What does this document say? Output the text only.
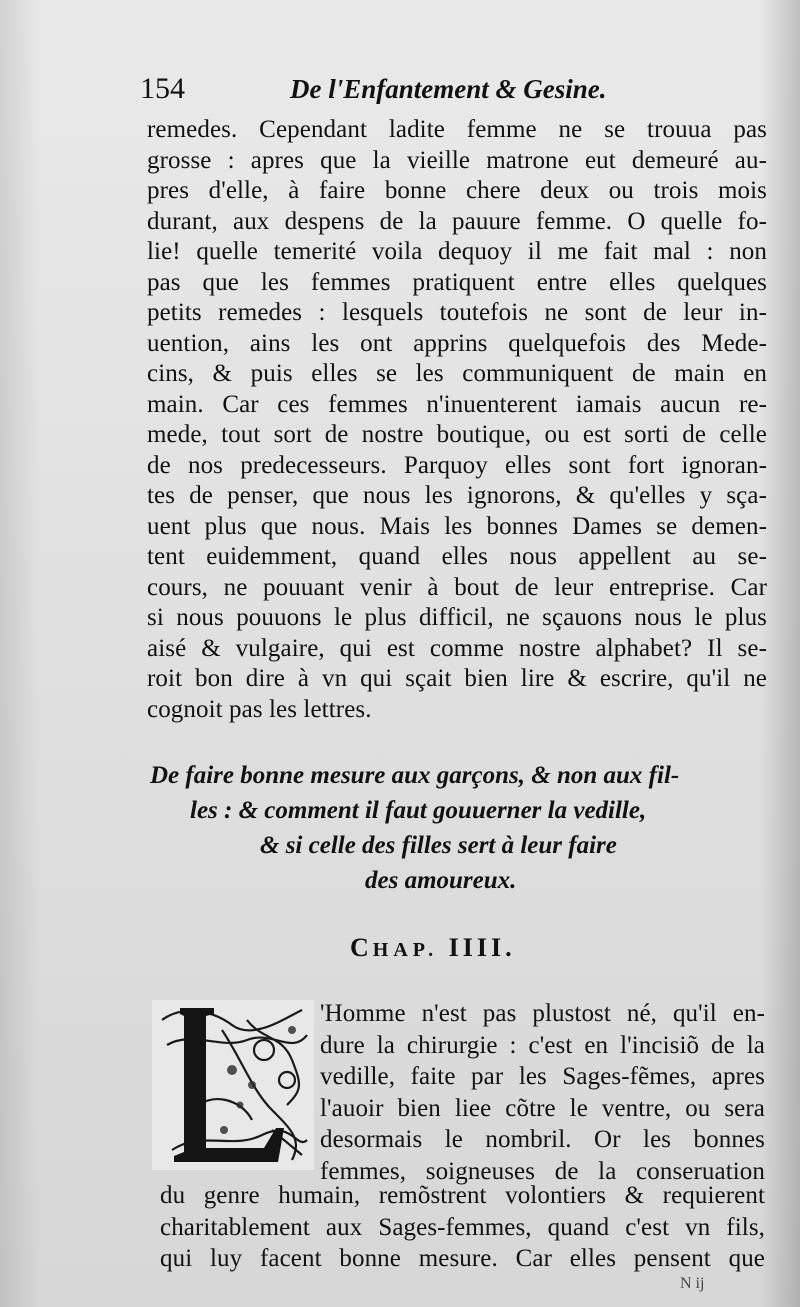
154	De l'Enfantement & Gesine.
remedes. Cependant ladite femme ne se trouua pas
grosse : apres que la vieille matrone eut demeuré au-
pres d'elle, à faire bonne chere deux ou trois mois
durant, aux despens de la pauure femme. O quelle fo-
lie! quelle temerité voila dequoy il me fait mal : non
pas que les femmes pratiquent entre elles quelques
petits remedes : lesquels toutefois ne sont de leur in-
uention, ains les ont apprins quelquefois des Mede-
cins, & puis elles se les communiquent de main en
main. Car ces femmes n'inuenterent iamais aucun re-
mede, tout sort de nostre boutique, ou est sorti de celle
de nos predecesseurs. Parquoy elles sont fort ignoran-
tes de penser, que nous les ignorons, & qu'elles y sça-
uent plus que nous. Mais les bonnes Dames se demen-
tent euidemment, quand elles nous appellent au se-
cours, ne pouuant venir à bout de leur entreprise. Car
si nous pouuons le plus difficil, ne sçauons nous le plus
aisé & vulgaire, qui est comme nostre alphabet? Il se-
roit bon dire à vn qui sçait bien lire & escrire, qu'il ne
cognoit pas les lettres.
De faire bonne mesure aux garçons, & non aux fil-
les : & comment il faut gouuerner la vedille,
& si celle des filles sert à leur faire
des amoureux.
CHAP. IIII.
'Homme n'est pas plustost né, qu'il en-
dure la chirurgie : c'est en l'incisiõ de la
vedille, faite par les Sages-fẽmes, apres
l'auoir bien liee cõtre le ventre, ou sera
desormais le nombril. Or les bonnes
femmes, soigneuses de la conseruation
du genre humain, remõstrent volontiers & requierent
charitablement aux Sages-femmes, quand c'est vn fils,
qui luy facent bonne mesure. Car elles pensent que
N ij
